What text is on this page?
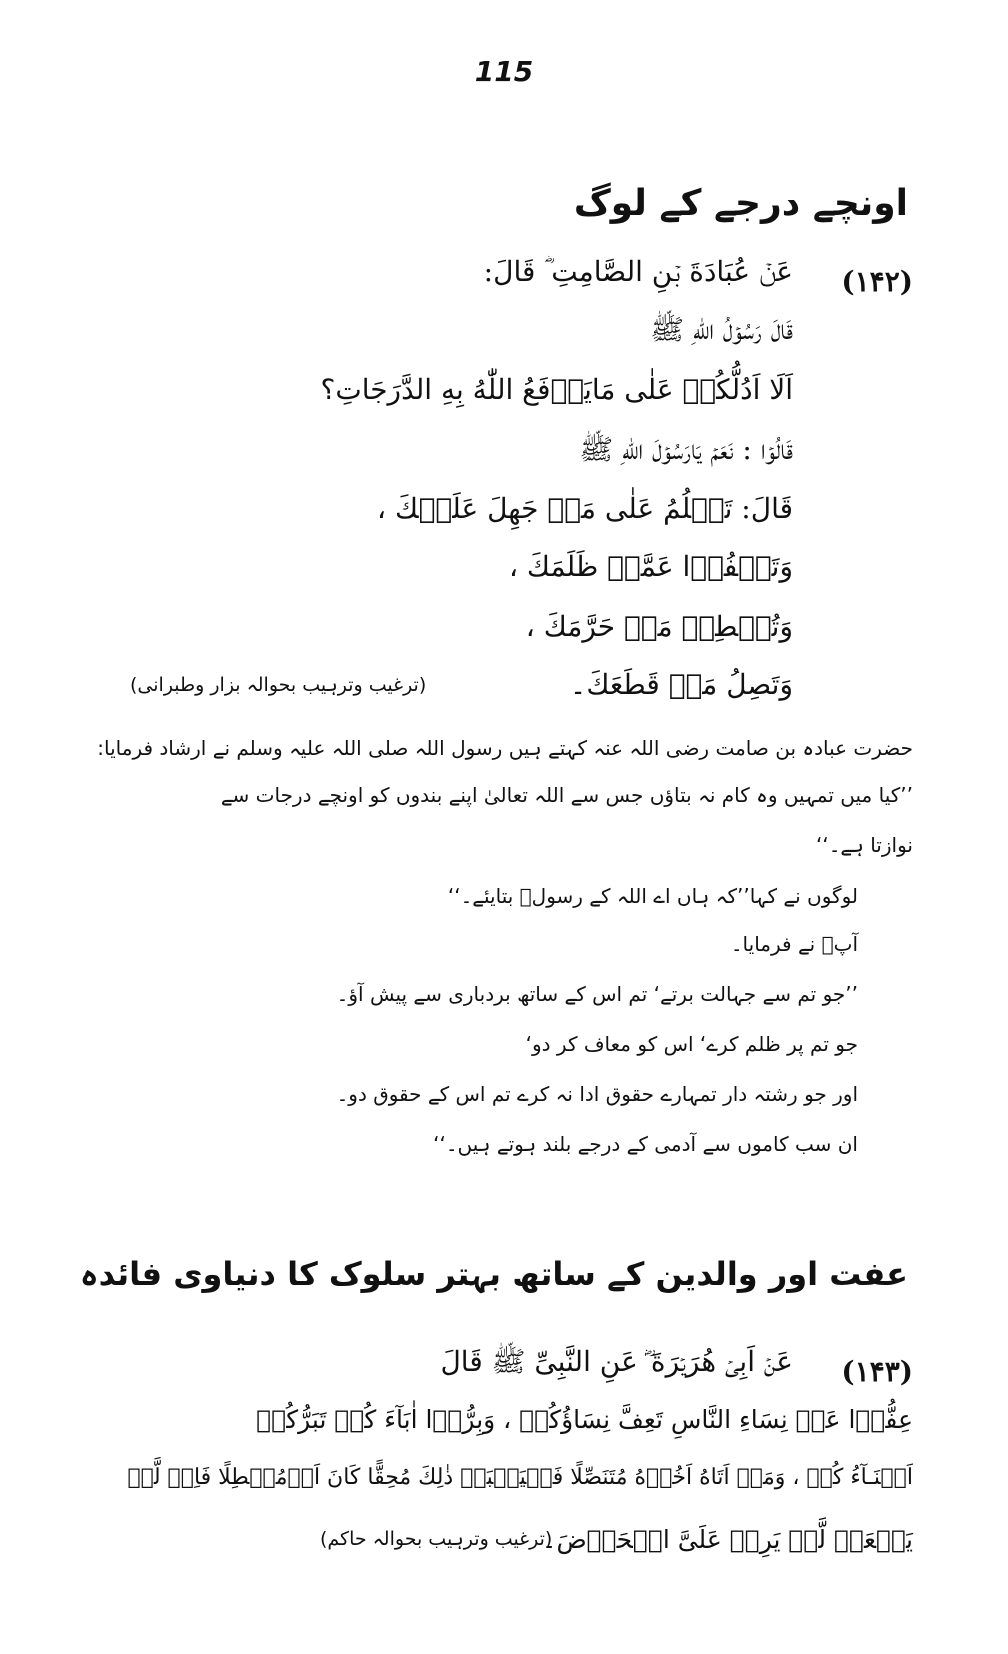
115
اونچے درجے کے لوگ
(۱۴۲)
عَنۡ عُبَادَةَ بۡنِ الصَّامِتِ ؓ قَالَ:
قَالَ رَسُوۡلُ اللّٰهِ ﷺ
اَلَا اَدُلُّكُمۡ عَلٰى مَايَرۡفَعُ اللّٰهُ بِهِ الدَّرَجَاتِ؟
قَالُوۡا : نَعَمۡ يَارَسُوۡلَ اللّٰهِ ﷺ
قَالَ: تَحۡلُمُ عَلٰى مَنۡ جَهِلَ عَلَيۡكَ ،
وَتَعۡفُوۡا عَمَّنۡ ظَلَمَكَ ،
وَتُعۡطِىۡ مَنۡ حَرَّمَكَ ،
وَتَصِلُ مَنۡ قَطَعَكَ۔
(ترغیب وترہیب بحوالہ بزار وطبرانی)
حضرت عبادہ بن صامت رضی اللہ عنہ کہتے ہیں رسول اللہ صلی اللہ علیہ وسلم نے ارشاد فرمایا:
’’کیا میں تمہیں وہ کام نہ بتاؤں جس سے اللہ تعالیٰ اپنے بندوں کو اونچے درجات سے
نوازتا ہے۔‘‘
لوگوں نے کہا’’کہ ہاں اے اللہ کے رسولؐ بتایئے۔‘‘
آپؐ نے فرمایا۔
’’جو تم سے جہالت برتے‘ تم اس کے ساتھ بردباری سے پیش آؤ۔
جو تم پر ظلم کرے‘ اس کو معاف کر دو‘
اور جو رشتہ دار تمہارے حقوق ادا نہ کرے تم اس کے حقوق دو۔
ان سب کاموں سے آدمی کے درجے بلند ہوتے ہیں۔‘‘
عفت اور والدین کے ساتھ بہتر سلوک کا دنیاوی فائدہ
(۱۴۳)
عَنۡ اَبِىۡ هُرَيۡرَةَ ؓ عَنِ النَّبِىِّ ﷺ قَالَ
عِفُّوۡا عَنۡ نِسَاءِ النَّاسِ تَعِفَّ نِسَاؤُكُمۡ ، وَبِرُّوۡا اٰبَآءَ كُمۡ تَبَرُّكُمۡ
اَبۡنَـآءُ كُمۡ ، وَمَنۡ اَتَاهُ اَخُوۡهُ مُتَنَصِّلًا فَلۡيَقۡبَلۡ ذٰلِكَ مُحِقًّا كَانَ اَوۡمُبۡطِلًا فَاِنۡ لَّمۡ
يَفۡعَلۡ لَّمۡ يَرِدۡ عَلَىَّ الۡحَوۡضَ۔
(ترغیب وترہیب بحوالہ حاکم)
